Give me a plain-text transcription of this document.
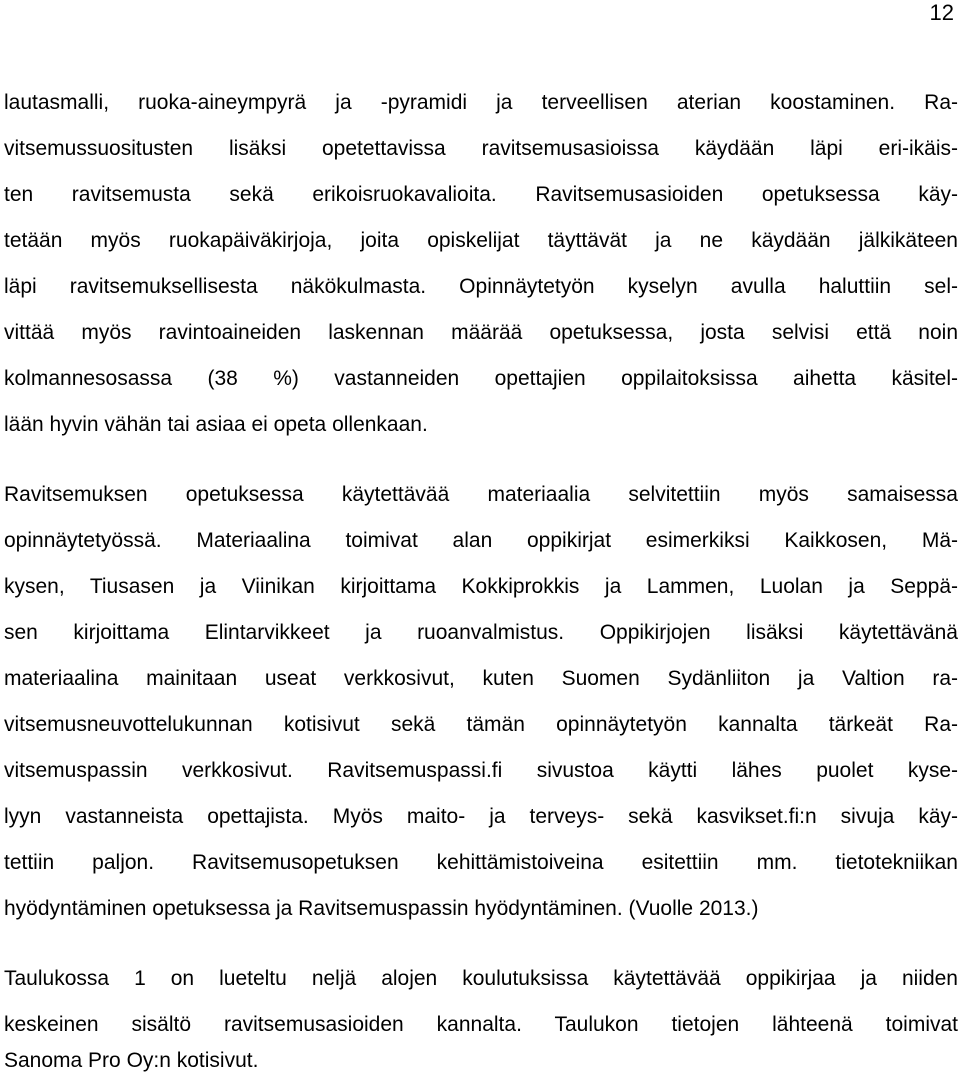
12
lautasmalli, ruoka-aineympyrä ja -pyramidi ja terveellisen aterian koostaminen. Ra-
vitsemussuositusten lisäksi opetettavissa ravitsemusasioissa käydään läpi eri-ikäis-
ten ravitsemusta sekä erikoisruokavalioita. Ravitsemusasioiden opetuksessa käy-
tetään myös ruokapäiväkirjoja, joita opiskelijat täyttävät ja ne käydään jälkikäteen
läpi ravitsemuksellisesta näkökulmasta. Opinnäytetyön kyselyn avulla haluttiin sel-
vittää myös ravintoaineiden laskennan määrää opetuksessa, josta selvisi että noin
kolmannesosassa (38 %) vastanneiden opettajien oppilaitoksissa aihetta käsitel-
lään hyvin vähän tai asiaa ei opeta ollenkaan.
Ravitsemuksen opetuksessa käytettävää materiaalia selvitettiin myös samaisessa
opinnäytetyössä. Materiaalina toimivat alan oppikirjat esimerkiksi Kaikkosen, Mä-
kysen, Tiusasen ja Viinikan kirjoittama Kokkiprokkis ja Lammen, Luolan ja Seppä-
sen kirjoittama Elintarvikkeet ja ruoanvalmistus. Oppikirjojen lisäksi käytettävänä
materiaalina mainitaan useat verkkosivut, kuten Suomen Sydänliiton ja Valtion ra-
vitsemusneuvottelukunnan kotisivut sekä tämän opinnäytetyön kannalta tärkeät Ra-
vitsemuspassin verkkosivut. Ravitsemuspassi.fi sivustoa käytti lähes puolet kyse-
lyyn vastanneista opettajista. Myös maito- ja terveys- sekä kasvikset.fi:n sivuja käy-
tettiin paljon. Ravitsemusopetuksen kehittämistoiveina esitettiin mm. tietotekniikan
hyödyntäminen opetuksessa ja Ravitsemuspassin hyödyntäminen. (Vuolle 2013.)
Taulukossa 1 on lueteltu neljä alojen koulutuksissa käytettävää oppikirjaa ja niiden
keskeinen sisältö ravitsemusasioiden kannalta. Taulukon tietojen lähteenä toimivat
Sanoma Pro Oy:n kotisivut.
